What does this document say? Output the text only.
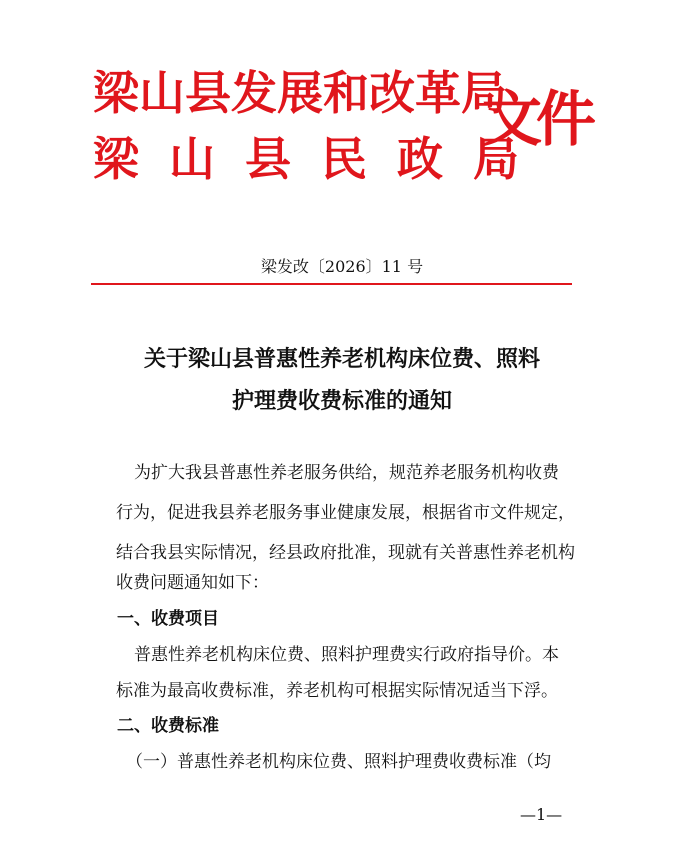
梁山县发展和改革局
梁山县民政局
文件
梁发改〔2026〕11 号
关于梁山县普惠性养老机构床位费、照料
护理费收费标准的通知
为扩大我县普惠性养老服务供给，规范养老服务机构收费
行为，促进我县养老服务事业健康发展，根据省市文件规定，
结合我县实际情况，经县政府批准，现就有关普惠性养老机构
收费问题通知如下：
一、收费项目
普惠性养老机构床位费、照料护理费实行政府指导价。本
标准为最高收费标准，养老机构可根据实际情况适当下浮。
二、收费标准
（一）普惠性养老机构床位费、照料护理费收费标准（均
—1—
